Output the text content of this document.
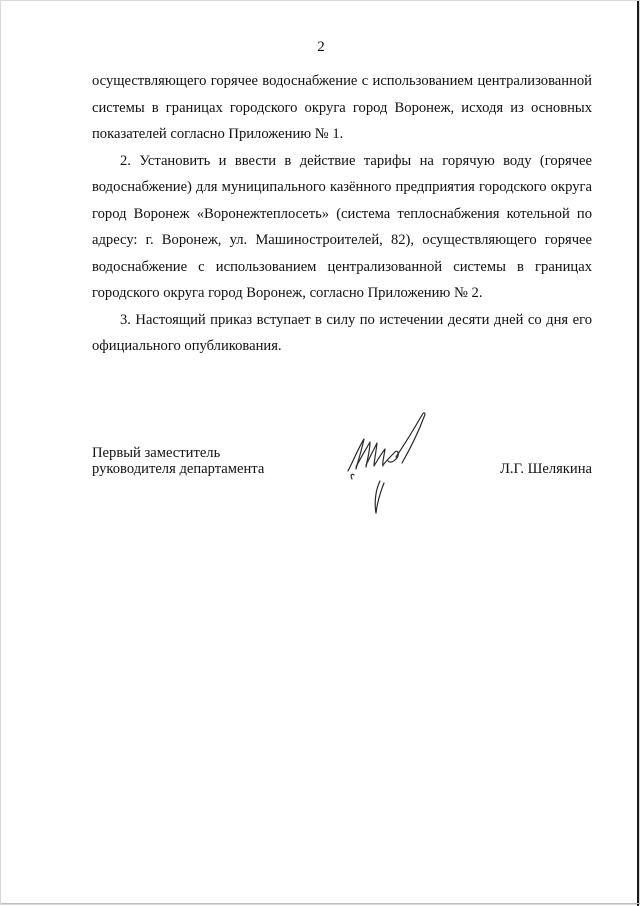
2

осуществляющего горячее водоснабжение с использованием централизованной системы в границах городского округа город Воронеж, исходя из основных показателей согласно Приложению № 1.

2. Установить и ввести в действие тарифы на горячую воду (горячее водоснабжение) для муниципального казённого предприятия городского округа город Воронеж «Воронежтеплосеть» (система теплоснабжения котельной по адресу: г. Воронеж, ул. Машиностроителей, 82), осуществляющего горячее водоснабжение с использованием централизованной системы в границах городского округа город Воронеж, согласно Приложению № 2.

3. Настоящий приказ вступает в силу по истечении десяти дней со дня его официального опубликования.

Первый заместитель
руководителя департамента	Л.Г. Шелякина
